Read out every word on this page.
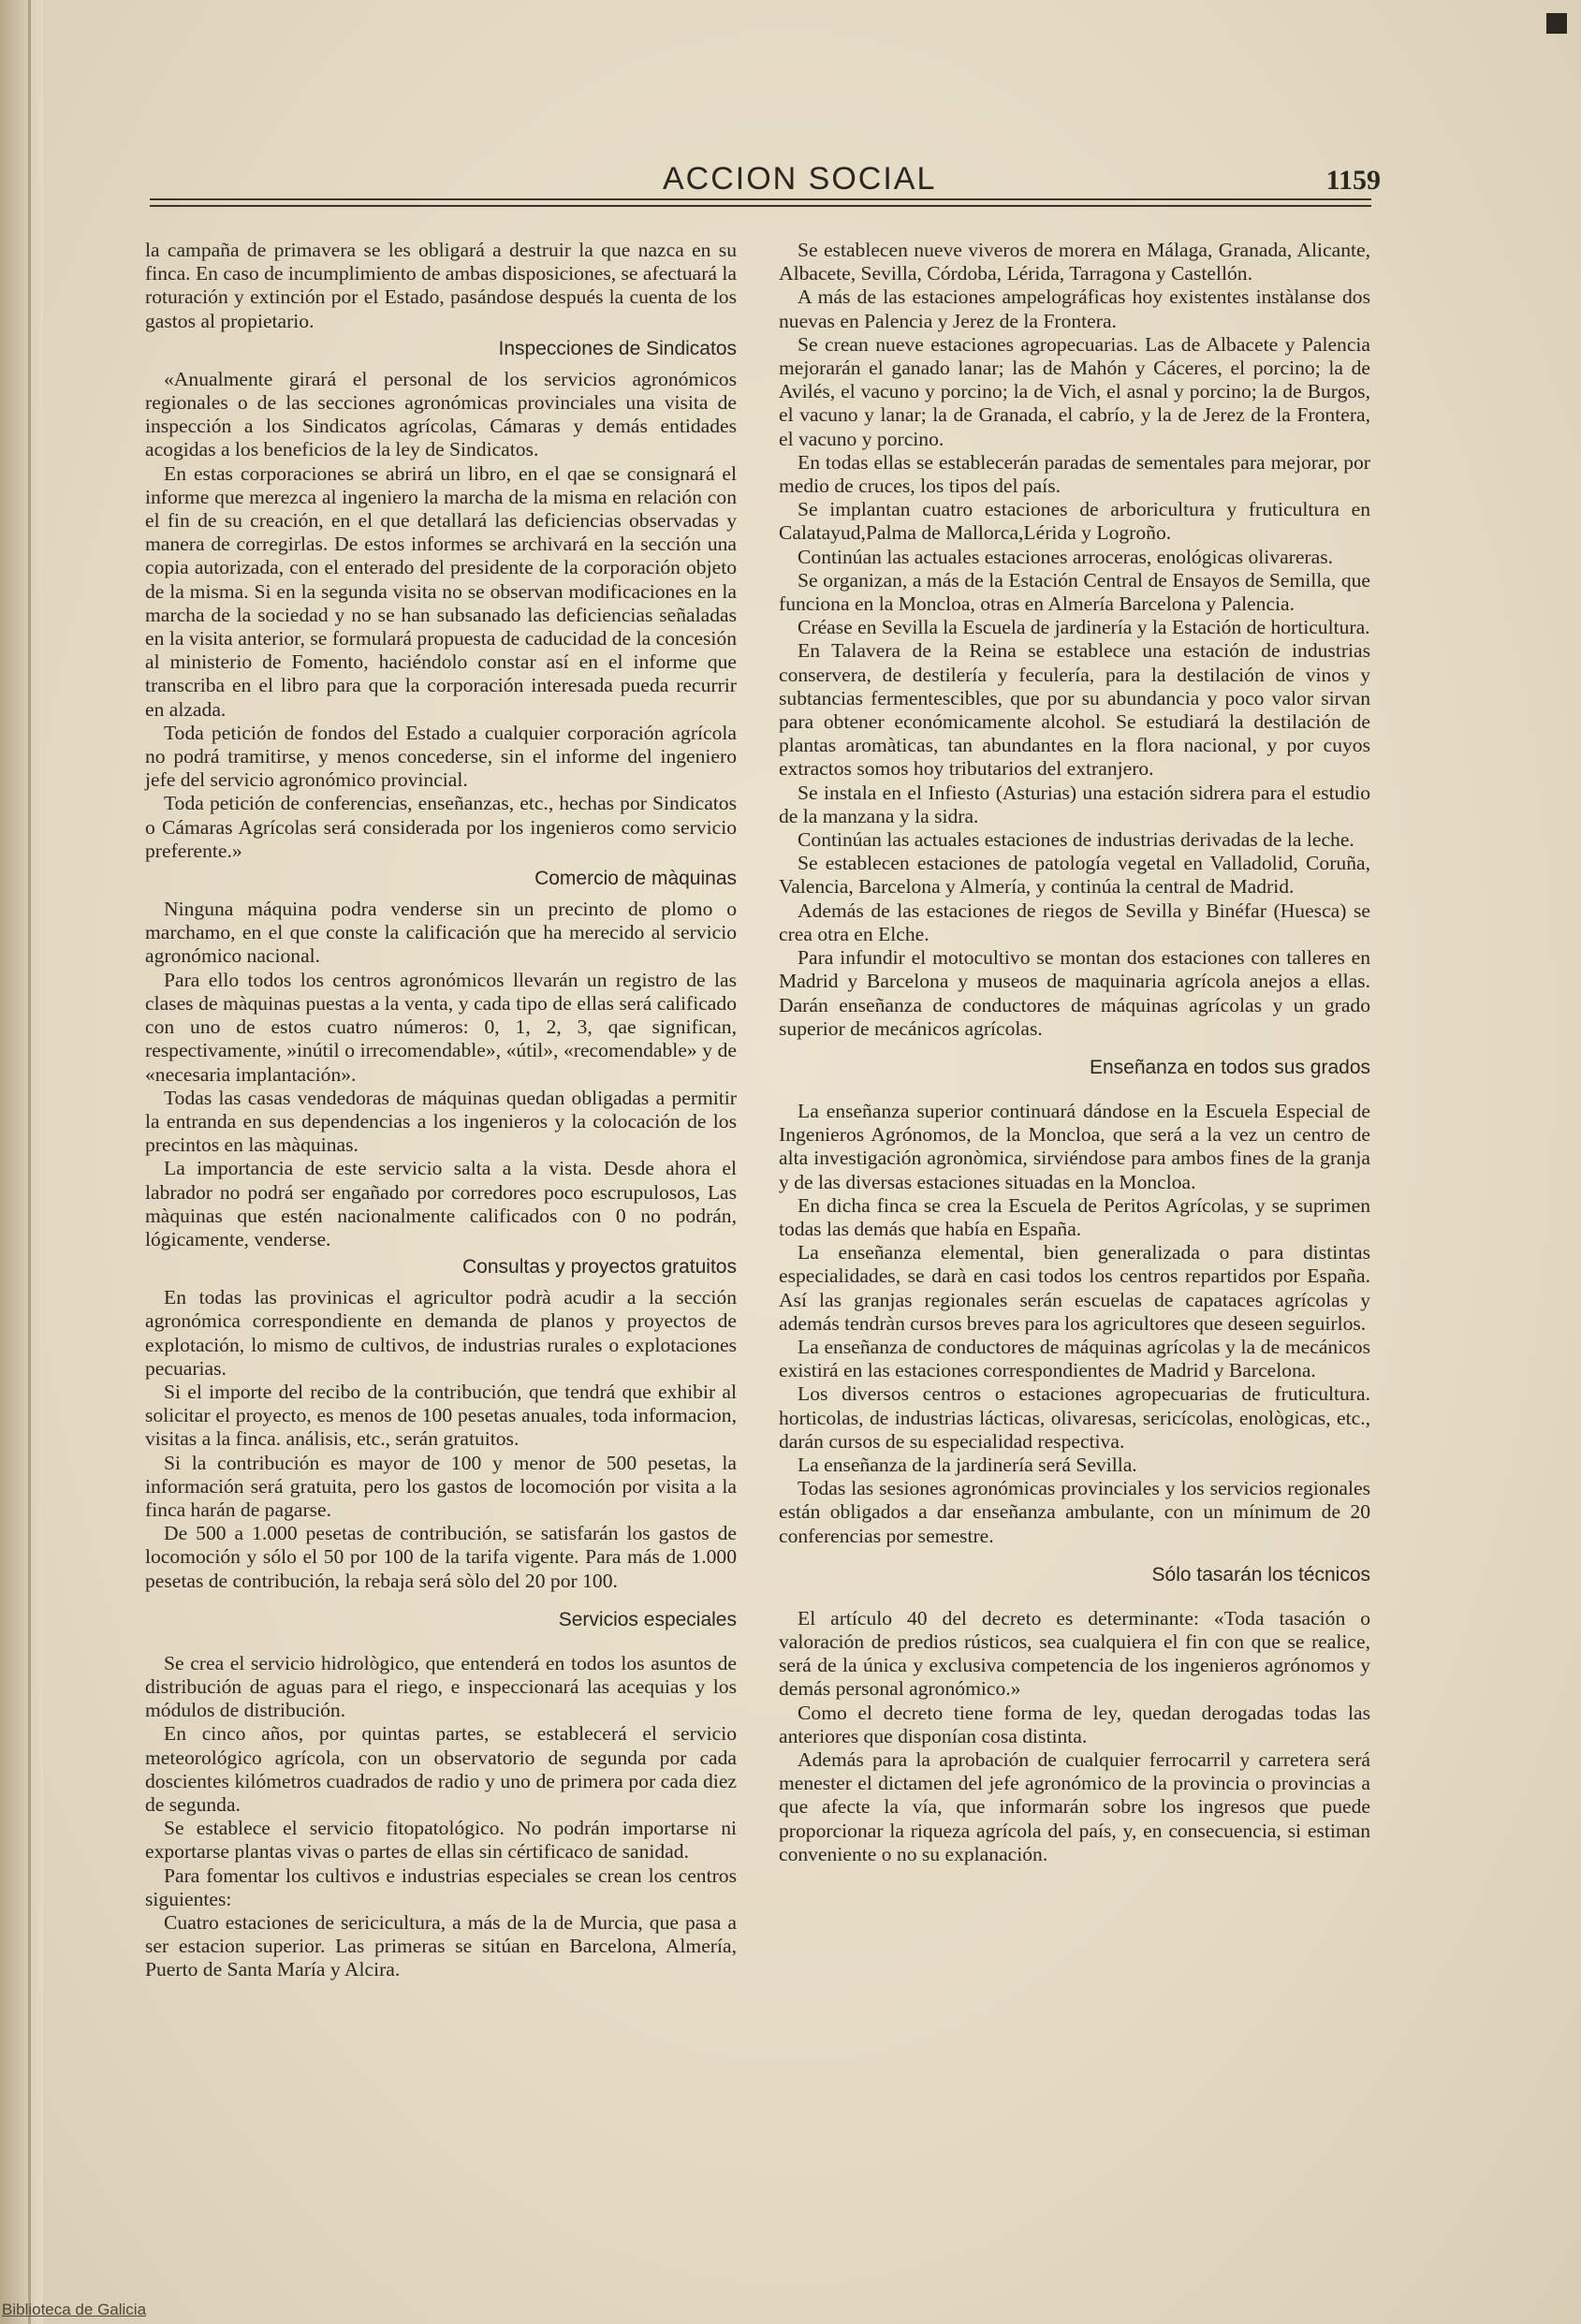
ACCION SOCIAL	1159

la campaña de primavera se les obligará a destruir la que nazca en su finca. En caso de incumplimiento de ambas disposiciones, se afectuará la roturación y extinción por el Estado, pasándose después la cuenta de los gastos al propietario.

Inspecciones de Sindicatos

«Anualmente girará el personal de los servicios agronómicos regionales o de las secciones agronómicas provinciales una visita de inspección a los Sindicatos agrícolas, Cámaras y demás entidades acogidas a los beneficios de la ley de Sindicatos.

En estas corporaciones se abrirá un libro, en el qae se consignará el informe que merezca al ingeniero la marcha de la misma en relación con el fin de su creación, en el que detallará las deficiencias observadas y manera de corregirlas. De estos informes se archivará en la sección una copia autorizada, con el enterado del presidente de la corporación objeto de la misma. Si en la segunda visita no se observan modificaciones en la marcha de la sociedad y no se han subsanado las deficiencias señaladas en la visita anterior, se formulará propuesta de caducidad de la concesión al ministerio de Fomento, haciéndolo constar así en el informe que transcriba en el libro para que la corporación interesada pueda recurrir en alzada.

Toda petición de fondos del Estado a cualquier corporación agrícola no podrá tramitirse, y menos concederse, sin el informe del ingeniero jefe del servicio agronómico provincial.

Toda petición de conferencias, enseñanzas, etc., hechas por Sindicatos o Cámaras Agrícolas será considerada por los ingenieros como servicio preferente.»

Comercio de màquinas

Ninguna máquina podra venderse sin un precinto de plomo o marchamo, en el que conste la calificación que ha merecido al servicio agronómico nacional.

Para ello todos los centros agronómicos llevarán un registro de las clases de màquinas puestas a la venta, y cada tipo de ellas será calificado con uno de estos cuatro números: 0, 1, 2, 3, qae significan, respectivamente, »inútil o irrecomendable», «útil», «recomendable» y de «necesaria implantación».

Todas las casas vendedoras de máquinas quedan obligadas a permitir la entranda en sus dependencias a los ingenieros y la colocación de los precintos en las màquinas.

La importancia de este servicio salta a la vista. Desde ahora el labrador no podrá ser engañado por corredores poco escrupulosos, Las màquinas que estén nacionalmente calificados con 0 no podrán, lógicamente, venderse.

Consultas y proyectos gratuitos

En todas las provinicas el agricultor podrà acudir a la sección agronómica correspondiente en demanda de planos y proyectos de explotación, lo mismo de cultivos, de industrias rurales o explotaciones pecuarias.

Si el importe del recibo de la contribución, que tendrá que exhibir al solicitar el proyecto, es menos de 100 pesetas anuales, toda informacion, visitas a la finca. análisis, etc., serán gratuitos.

Si la contribución es mayor de 100 y menor de 500 pesetas, la información será gratuita, pero los gastos de locomoción por visita a la finca harán de pagarse.

De 500 a 1.000 pesetas de contribución, se satisfarán los gastos de locomoción y sólo el 50 por 100 de la tarifa vigente. Para más de 1.000 pesetas de contribución, la rebaja será sòlo del 20 por 100.

Servicios especiales

Se crea el servicio hidrològico, que entenderá en todos los asuntos de distribución de aguas para el riego, e inspeccionará las acequias y los módulos de distribución.

En cinco años, por quintas partes, se establecerá el servicio meteorológico agrícola, con un observatorio de segunda por cada doscientes kilómetros cuadrados de radio y uno de primera por cada diez de segunda.

Se establece el servicio fitopatológico. No podrán importarse ni exportarse plantas vivas o partes de ellas sin cértificaco de sanidad.

Para fomentar los cultivos e industrias especiales se crean los centros siguientes:

Cuatro estaciones de sericicultura, a más de la de Murcia, que pasa a ser estacion superior. Las primeras se sitúan en Barcelona, Almería, Puerto de Santa María y Alcira.

Se establecen nueve viveros de morera en Málaga, Granada, Alicante, Albacete, Sevilla, Córdoba, Lérida, Tarragona y Castellón.

A más de las estaciones ampelográficas hoy existentes instàlanse dos nuevas en Palencia y Jerez de la Frontera.

Se crean nueve estaciones agropecuarias. Las de Albacete y Palencia mejorarán el ganado lanar; las de Mahón y Cáceres, el porcino; la de Avilés, el vacuno y porcino; la de Vich, el asnal y porcino; la de Burgos, el vacuno y lanar; la de Granada, el cabrío, y la de Jerez de la Frontera, el vacuno y porcino.

En todas ellas se establecerán paradas de sementales para mejorar, por medio de cruces, los tipos del país.

Se implantan cuatro estaciones de arboricultura y fruticultura en Calatayud,Palma de Mallorca,Lérida y Logroño.

Continúan las actuales estaciones arroceras, enológicas olivareras.

Se organizan, a más de la Estación Central de Ensayos de Semilla, que funciona en la Moncloa, otras en Almería Barcelona y Palencia.

Créase en Sevilla la Escuela de jardinería y la Estación de horticultura.

En Talavera de la Reina se establece una estación de industrias conservera, de destilería y feculería, para la destilación de vinos y subtancias fermentescibles, que por su abundancia y poco valor sirvan para obtener económicamente alcohol. Se estudiará la destilación de plantas aromàticas, tan abundantes en la flora nacional, y por cuyos extractos somos hoy tributarios del extranjero.

Se instala en el Infiesto (Asturias) una estación sidrera para el estudio de la manzana y la sidra.

Continúan las actuales estaciones de industrias derivadas de la leche.

Se establecen estaciones de patología vegetal en Valladolid, Coruña, Valencia, Barcelona y Almería, y continúa la central de Madrid.

Además de las estaciones de riegos de Sevilla y Binéfar (Huesca) se crea otra en Elche.

Para infundir el motocultivo se montan dos estaciones con talleres en Madrid y Barcelona y museos de maquinaria agrícola anejos a ellas. Darán enseñanza de conductores de máquinas agrícolas y un grado superior de mecánicos agrícolas.

Enseñanza en todos sus grados

La enseñanza superior continuará dándose en la Escuela Especial de Ingenieros Agrónomos, de la Moncloa, que será a la vez un centro de alta investigación agronòmica, sirviéndose para ambos fines de la granja y de las diversas estaciones situadas en la Moncloa.

En dicha finca se crea la Escuela de Peritos Agrícolas, y se suprimen todas las demás que había en España.

La enseñanza elemental, bien generalizada o para distintas especialidades, se darà en casi todos los centros repartidos por España. Así las granjas regionales serán escuelas de capataces agrícolas y además tendràn cursos breves para los agricultores que deseen seguirlos.

La enseñanza de conductores de máquinas agrícolas y la de mecánicos existirá en las estaciones correspondientes de Madrid y Barcelona.

Los diversos centros o estaciones agropecuarias de fruticultura. horticolas, de industrias lácticas, olivaresas, sericícolas, enològicas, etc., darán cursos de su especialidad respectiva.

La enseñanza de la jardinería será Sevilla.

Todas las sesiones agronómicas provinciales y los servicios regionales están obligados a dar enseñanza ambulante, con un mínimum de 20 conferencias por semestre.

Sólo tasarán los técnicos

El artículo 40 del decreto es determinante: «Toda tasación o valoración de predios rústicos, sea cualquiera el fin con que se realice, será de la única y exclusiva competencia de los ingenieros agrónomos y demás personal agronómico.»

Como el decreto tiene forma de ley, quedan derogadas todas las anteriores que disponían cosa distinta.

Además para la aprobación de cualquier ferrocarril y carretera será menester el dictamen del jefe agronómico de la provincia o provincias a que afecte la vía, que informarán sobre los ingresos que puede proporcionar la riqueza agrícola del país, y, en consecuencia, si estiman conveniente o no su explanación.

Biblioteca de Galicia
